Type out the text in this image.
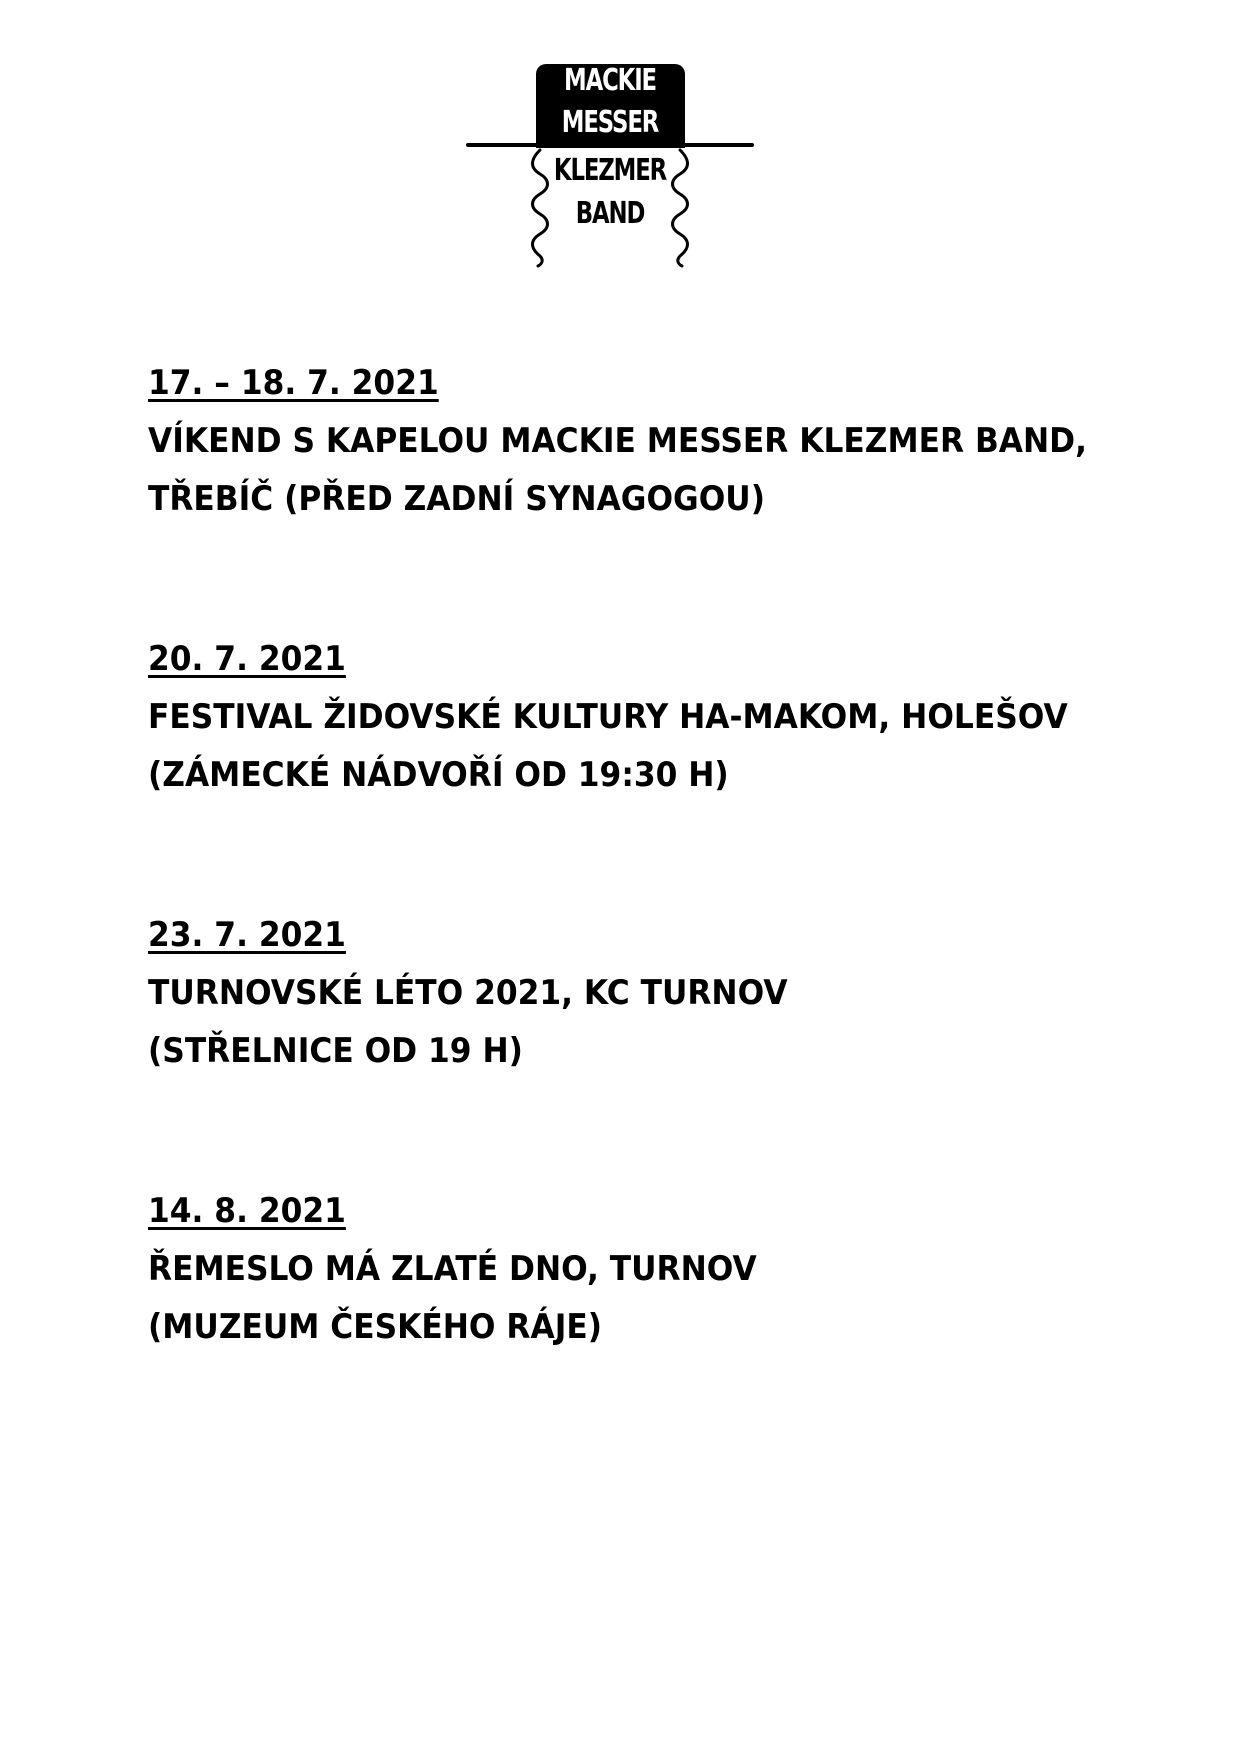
MACKIE
MESSER
KLEZMER
BAND
17. – 18. 7. 2021
VÍKEND S KAPELOU MACKIE MESSER KLEZMER BAND,
TŘEBÍČ (PŘED ZADNÍ SYNAGOGOU)
20. 7. 2021
FESTIVAL ŽIDOVSKÉ KULTURY HA-MAKOM, HOLEŠOV
(ZÁMECKÉ NÁDVOŘÍ OD 19:30 H)
23. 7. 2021
TURNOVSKÉ LÉTO 2021, KC TURNOV
(STŘELNICE OD 19 H)
14. 8. 2021
ŘEMESLO MÁ ZLATÉ DNO, TURNOV
(MUZEUM ČESKÉHO RÁJE)
